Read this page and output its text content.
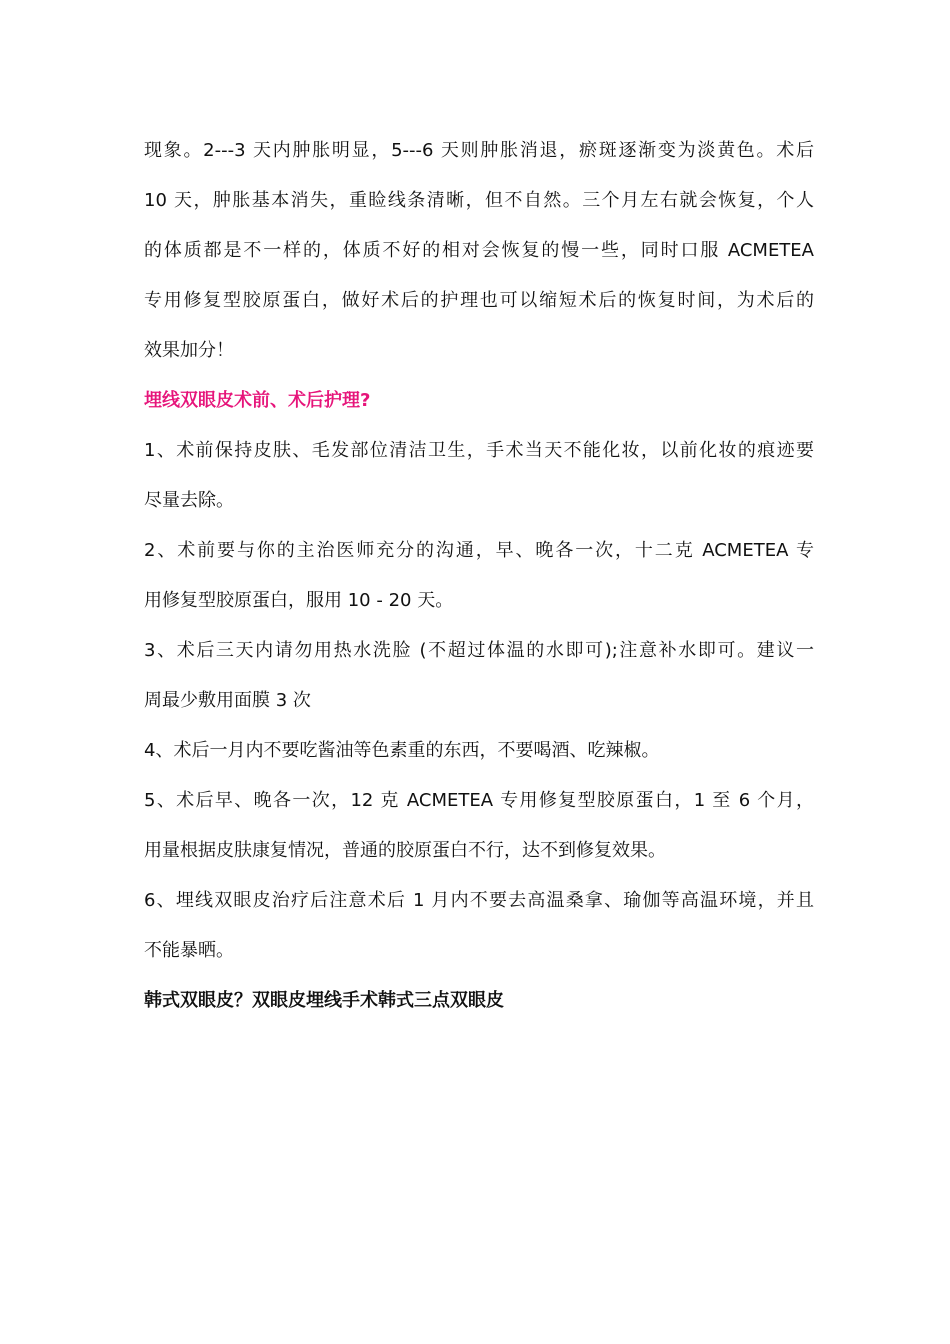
现象。2---3 天内肿胀明显，5---6 天则肿胀消退，瘀斑逐渐变为淡黄色。术后
10 天，肿胀基本消失，重睑线条清晰，但不自然。三个月左右就会恢复，个人
的体质都是不一样的，体质不好的相对会恢复的慢一些，同时口服 ACMETEA
专用修复型胶原蛋白，做好术后的护理也可以缩短术后的恢复时间，为术后的
效果加分！
埋线双眼皮术前、术后护理?
1、术前保持皮肤、毛发部位清洁卫生，手术当天不能化妆，以前化妆的痕迹要
尽量去除。
2、术前要与你的主治医师充分的沟通，早、晚各一次，十二克 ACMETEA 专
用修复型胶原蛋白，服用 10 - 20 天。
3、术后三天内请勿用热水洗脸 (不超过体温的水即可);注意补水即可。建议一
周最少敷用面膜 3 次
4、术后一月内不要吃酱油等色素重的东西，不要喝酒、吃辣椒。
5、术后早、晚各一次，12 克 ACMETEA 专用修复型胶原蛋白，1 至 6 个月，
用量根据皮肤康复情况，普通的胶原蛋白不行，达不到修复效果。
6、埋线双眼皮治疗后注意术后 1 月内不要去高温桑拿、瑜伽等高温环境，并且
不能暴晒。
韩式双眼皮？双眼皮埋线手术韩式三点双眼皮
